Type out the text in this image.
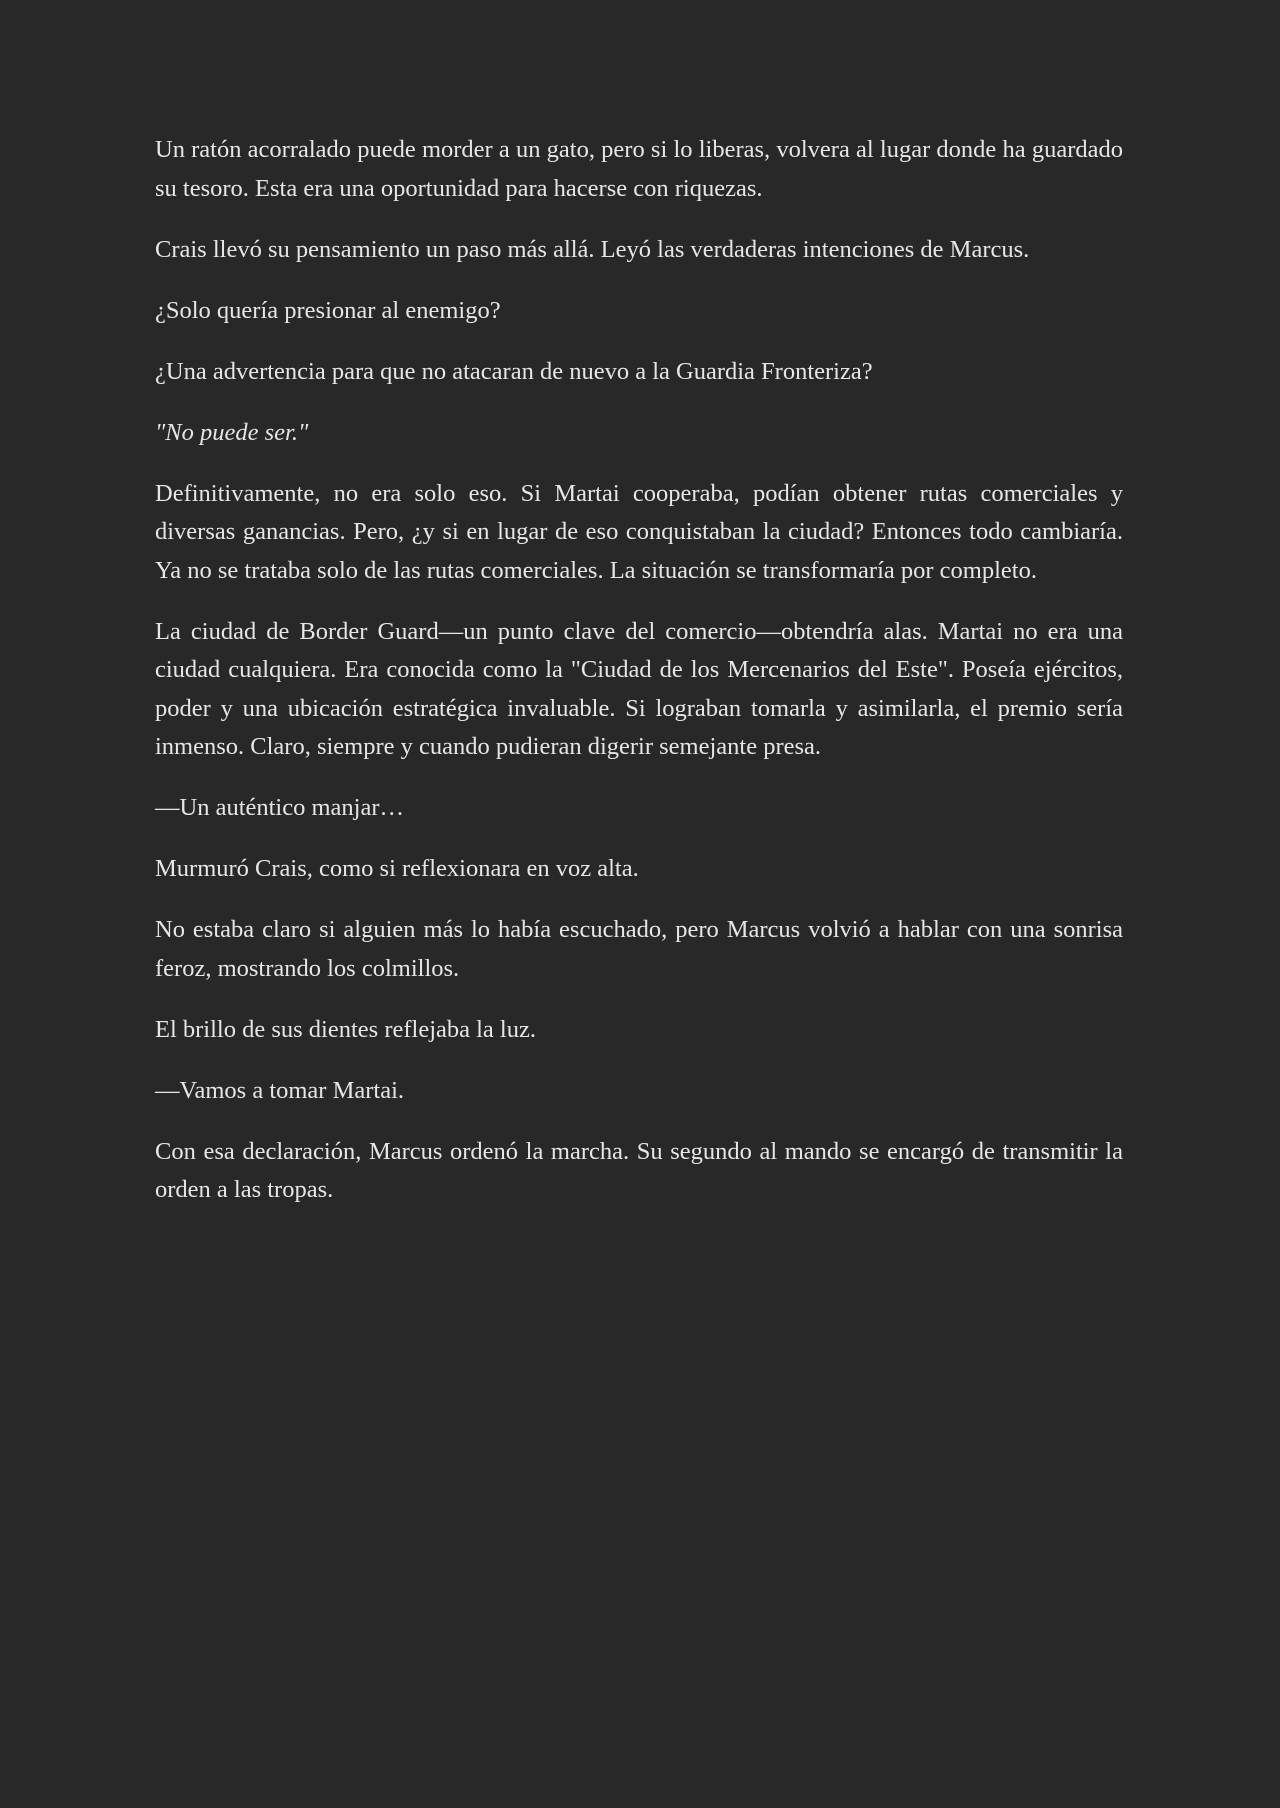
Un ratón acorralado puede morder a un gato, pero si lo liberas, volvera al lugar donde ha guardado su tesoro. Esta era una oportunidad para hacerse con riquezas.

Crais llevó su pensamiento un paso más allá. Leyó las verdaderas intenciones de Marcus.

¿Solo quería presionar al enemigo?

¿Una advertencia para que no atacaran de nuevo a la Guardia Fronteriza?

"No puede ser."

Definitivamente, no era solo eso. Si Martai cooperaba, podían obtener rutas comerciales y diversas ganancias. Pero, ¿y si en lugar de eso conquistaban la ciudad? Entonces todo cambiaría. Ya no se trataba solo de las rutas comerciales. La situación se transformaría por completo.

La ciudad de Border Guard—un punto clave del comercio—obtendría alas. Martai no era una ciudad cualquiera. Era conocida como la "Ciudad de los Mercenarios del Este". Poseía ejércitos, poder y una ubicación estratégica invaluable. Si lograban tomarla y asimilarla, el premio sería inmenso. Claro, siempre y cuando pudieran digerir semejante presa.

—Un auténtico manjar…

Murmuró Crais, como si reflexionara en voz alta.

No estaba claro si alguien más lo había escuchado, pero Marcus volvió a hablar con una sonrisa feroz, mostrando los colmillos.

El brillo de sus dientes reflejaba la luz.

—Vamos a tomar Martai.

Con esa declaración, Marcus ordenó la marcha. Su segundo al mando se encargó de transmitir la orden a las tropas.
